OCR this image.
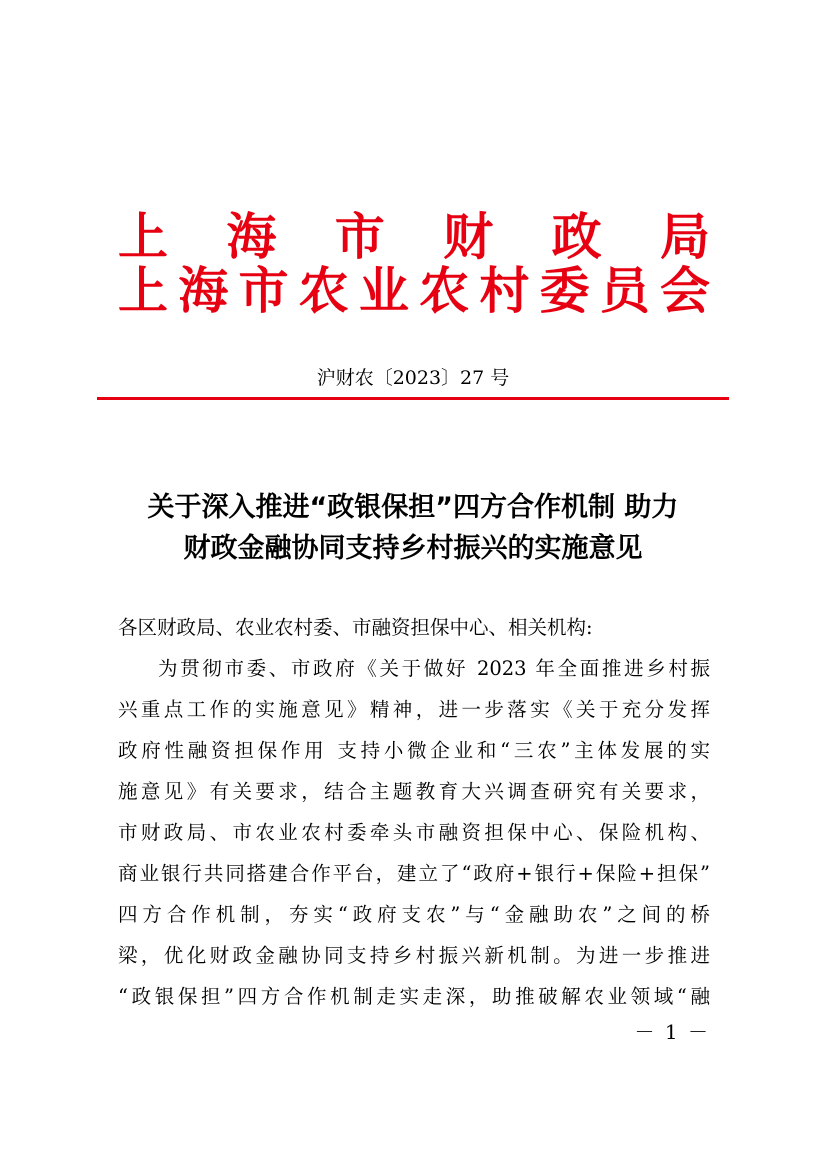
上 海 市 财 政 局
上 海 市 农 业 农 村 委 员 会
沪财农〔2023〕27 号
关于深入推进“政银保担”四方合作机制 助力
财政金融协同支持乡村振兴的实施意见
各区财政局、农业农村委、市融资担保中心、相关机构:
为贯彻市委、市政府《关于做好 2023 年全面推进乡村振
兴重点工作的实施意见》精神，进一步落实《关于充分发挥
政府性融资担保作用 支持小微企业和“三农”主体发展的实
施意见》有关要求，结合主题教育大兴调查研究有关要求，
市财政局、市农业农村委牵头市融资担保中心、保险机构、
商业银行共同搭建合作平台，建立了“政府+银行+保险+担保”
四方合作机制，夯实“政府支农”与“金融助农”之间的桥
梁，优化财政金融协同支持乡村振兴新机制。为进一步推进
“政银保担”四方合作机制走实走深，助推破解农业领域“融
－ 1 －
